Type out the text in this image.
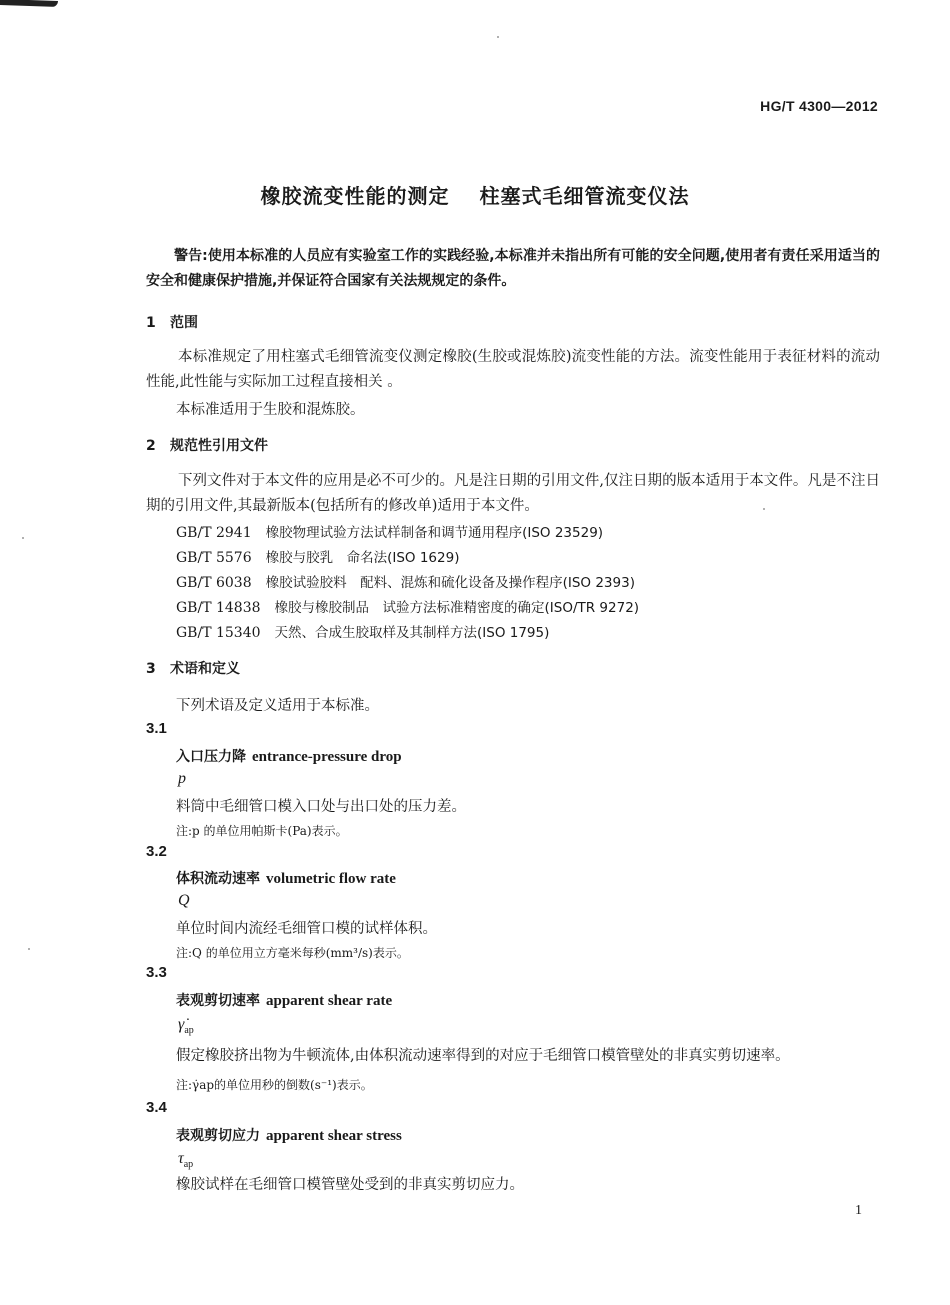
HG/T 4300—2012
橡胶流变性能的测定 柱塞式毛细管流变仪法
警告:使用本标准的人员应有实验室工作的实践经验,本标准并未指出所有可能的安全问题,使用者有责任采用适当的安全和健康保护措施,并保证符合国家有关法规规定的条件。
1 范围
本标准规定了用柱塞式毛细管流变仪测定橡胶(生胶或混炼胶)流变性能的方法。流变性能用于表征材料的流动性能,此性能与实际加工过程直接相关 。
本标准适用于生胶和混炼胶。
2 规范性引用文件
下列文件对于本文件的应用是必不可少的。凡是注日期的引用文件,仅注日期的版本适用于本文件。凡是不注日期的引用文件,其最新版本(包括所有的修改单)适用于本文件。
GB/T 2941 橡胶物理试验方法试样制备和调节通用程序(ISO 23529)
GB/T 5576 橡胶与胶乳　命名法(ISO 1629)
GB/T 6038 橡胶试验胶料　配料、混炼和硫化设备及操作程序(ISO 2393)
GB/T 14838 橡胶与橡胶制品　试验方法标准精密度的确定(ISO/TR 9272)
GB/T 15340 天然、合成生胶取样及其制样方法(ISO 1795)
3 术语和定义
下列术语及定义适用于本标准。
3.1
入口压力降 entrance-pressure drop
p
料筒中毛细管口模入口处与出口处的压力差。
注:p 的单位用帕斯卡(Pa)表示。
3.2
体积流动速率 volumetric flow rate
Q
单位时间内流经毛细管口模的试样体积。
注:Q 的单位用立方毫米每秒(mm³/s)表示。
3.3
表观剪切速率 apparent shear rate
$\gammȧ_{ap}$
假定橡胶挤出物为牛顿流体,由体积流动速率得到的对应于毛细管口模管壁处的非真实剪切速率。
注:γ̇ap的单位用秒的倒数(s⁻¹)表示。
3.4
表观剪切应力 apparent shear stress
$\tau_{ap}$
橡胶试样在毛细管口模管壁处受到的非真实剪切应力。
1
